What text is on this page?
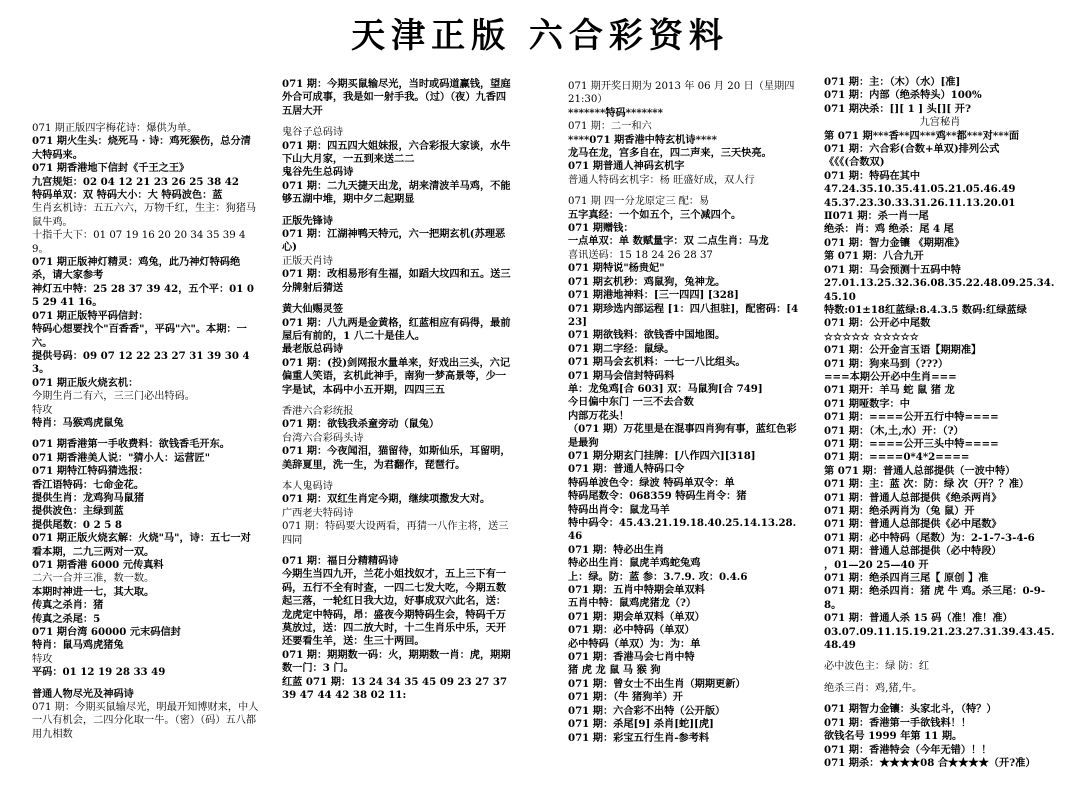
天津正版 六合彩资料

071 期正版四字梅花诗：爆供为单。

071 期火生头：烧死马 · 诗：鸡死猴伤，总分清大特码来。

071 期香港地下信封《千王之王》

九宫规矩：02 04 12 21 23 26 25 38 42

特码单双：双 特码大小：大 特码波色：蓝

生肖玄机诗：五五六六，万物千红，生主：狗猪马鼠牛鸡。

十指千大下：01 07 19 16 20 20 34 35 39 49。

071 期正版神灯精灵：鸡兔，此乃神灯特码绝杀，请大家参考

神灯五中特：25 28 37 39 42，五个平：01 05 29 41 16。

071 期正版特平码信封：

特码心想要找个"百香香"，平码"六"。本期：一六。

提供号码：09 07 12 22 23 27 31 39 30 43。

071 期正版火烧玄机：

今期生肖二有六，三三门必出特码。

特攻

特肖：马猴鸡虎鼠兔

071 期香港第一手收费料：欲钱香毛开东。

071 期香港美人说："猜小人：运营匠"

071 期特江特码猜选报：

香江语特码：七命金花。

提供生肖：龙鸡狗马鼠猪

提供波色：主绿到蓝

提供尾数：0 2 5 8

071 期正版火烧玄解：火烧"马"，诗：五七一对看本期，二九三两对一双。

071 期香港 6000 元传真料

二六一合并三准，数一数。

本期时神进一七，其大取。

传真之杀肖：猪

传真之杀尾：5

071 期台湾 60000 元末码信封

特肖：鼠马鸡虎猪兔

特攻

平码：01 12 19 28 33 49

普通人物尽光及神码诗

071 期：今期买鼠输尽光，明最开知博财来，中人一八有机会，二四分化取一牛。（密）（码）五八都用九相数

071 期：今期买鼠输尽光，当时或码道赢钱，望庭外合可成事，我是如一射手我。（过）（夜）九香四五居大开

鬼谷子总码诗

071 期：四五四大姐妹报，六合彩报大家谈，水牛下山大月家，一五到来送二二

鬼谷先生总码诗

071 期：二九天捷天出龙，胡来清波羊马鸡，不能够五湖中堆，期中夕二起期显

正版先锋诗

071 期：江湖神鸭天特元，六一把期玄机(苏理恶心)

正版天肖诗

071 期：改相易形有生福，如蹈大坟四和五。送三分牌射后猜送

黄大仙赐灵签

071 期：八九两是金黄格，红蓝相应有码得，最前屋后有前的，1 八二十是佳人。

最老版总码诗

071 期：(投)剑网报水量单来，好戏出三头，六记偏重人笑语，玄机此神手，南狗一梦高景等，少一字是试，本码中小五开期，四四三五

香港六合彩统报

071 期：欲钱我杀童旁动（鼠兔）

台湾六合彩码头诗

071 期：今夜闻泪，猫留待，如斯仙乐，耳留明，美辞夏里，洗一生，为君翻作，琵琶行。

本人鬼码诗

071 期：双红生肖定今期，继续项撒发大对。

广西老夫特码诗

071 期：特码要大设两看，再猜一八作主将，送三四同

071 期：福日分精精码诗

今期生当四九开，兰花小姐找奴才，五上三下有一码，五行不全有时查，一四二七发大吃，今期五数起三落，一轮红日我大边，好事成双六此名，送：龙虎定中特码，昂：盛夜今期特码生会，特码千万莫放过，送：四二放大时，十二生肖乐中乐，天开还要看生羊，送：生三十两回。

071 期：期期数一码：火，期期数一肖：虎，期期数一门：3 门。

红蓝 071 期：13 24 34 35 45 09 23 27 37 39 47 44 42 38 02 11:

071 期开奖日期为 2013 年 06 月 20 日（星期四 21:30）

*******特码*******

071 期：二一和六

****071 期香港中特玄机诗****

龙马在龙，宫多自在，四二声来，三天快亮。

071 期普通人神码玄机字

普通人特码玄机字：杨 旺盛好成，双人行

071 期 四一分龙原定三 配：易

五字真经：一个如五个，三个减四个。

071 期赠钱：

一点单双：单 数赋量字：双 二点生肖：马龙

喜讯送码：15 18 24 26 28 37

071 期特说"杨贵妃"

071 期玄机秒：鸡鼠狗，兔神龙。

071 期港地神料：[三一四四] [328]

071 期珍选内部运程 [1：四八担驻]，配密码：[423]

071 期欲钱料：欲钱香中国地图。

071 期二字经：鼠绿。

071 期马会玄机料：一七一八比组头。

071 期马会信封特码料

单：龙兔鸡[合 603] 双：马鼠狗[合 749]

今日偏中东门 一三不去合数

内部万花头！

（071 期）万花里是在混事四肖狗有事，蓝红色彩是最狗

071 期分期玄门挂牌：[八作四六][318]

071 期：普通人特码口令

特码单波色令：绿波 特码单双令：单

特码尾数令：068359 特码生肖令：猪

特码出肖令：鼠龙马羊

特中码令：45.43.21.19.18.40.25.14.13.28.46

071 期：特必出生肖

特必出生肖：鼠虎羊鸡蛇兔鸡

上：绿。防：蓝 参：3.7.9. 攻：0.4.6

071 期：五肖中特期会单双料

五肖中特：鼠鸡虎猪龙（?）

071 期：期会单双料（单双）

071 期：必中特码（单双）

必中特码（单双）为：为：单

071 期：香港马会七肖中特

猪 虎 龙 鼠 马 猴 狗

071 期：曾女士不出生肖（期期更新）

071 期：（牛 猪狗羊）开

071 期：六合彩不出特（公开版）

071 期：杀尾[9] 杀肖[蛇][虎]

071 期：彩宝五行生肖-参考料

071 期：主：（木）（水）[准]

071 期：内部（绝杀特头）100%

071 期决杀：[][ 1 ] 头[][ 开?

九宫秘肖

第 071 期***香**四***鸡**都***对***面

071 期：六合彩(合数+单双)排列公式

《《《(合数双)

071 期：特码在其中

47.24.35.10.35.41.05.21.05.46.49

45.37.23.30.33.31.26.11.13.20.01

Ⅱ071 期：杀一肖一尾

绝杀：肖：鸡 绝杀：尾 4 尾

071 期：智力金镶 《期期准》

第 071 期：八合九开

071 期：马会预测十五码中特

27.01.13.25.32.36.08.35.22.48.09.25.34.45.10

特数:01±18红蓝绿:8.4.3.5 数码:红绿蓝绿

071 期：公开必中尾数

☆☆☆☆☆ ☆☆☆☆☆

071 期：公开金言玉语【期期准】

071 期：狗来马到（???）

===本期公开必中生肖===

071 期开：羊马 蛇 鼠 猪 龙

071 期哑数字：中

071 期：====公开五行中特====

071 期：（木,土,水）开：（?）

071 期：====公开三头中特====

071 期：====0*4*2====

第 071 期：普通人总部提供（一波中特）

071 期：主：蓝 次：防：绿 次（开？？准）

071 期：普通人总部提供《绝杀两肖》

071 期：绝杀两肖为（兔 鼠）开

071 期：普通人总部提供《必中尾数》

071 期：必中特码（尾数）为：2-1-7-3-4-6

071 期：普通人总部提供（必中特段）

，01—20 25—40 开

071 期：绝杀四肖三尾【 原创 】准

071 期：绝杀四肖：猪 虎 牛 鸡。杀三尾：0-9-8。

071 期：普通人杀 15 码（准！准！准）

03.07.09.11.15.19.21.23.27.31.39.43.45.48.49

必中波色主：绿 防：红

绝杀三肖：鸡,猪,牛。

071 期智力金镶：头家北斗，（特？）

071 期：香港第一手欲钱料！！

欲钱名号 1999 年第 11 期。

071 期：香港特会（今年无错）！！

071 期杀：★★★★08 合★★★★（开?准）
